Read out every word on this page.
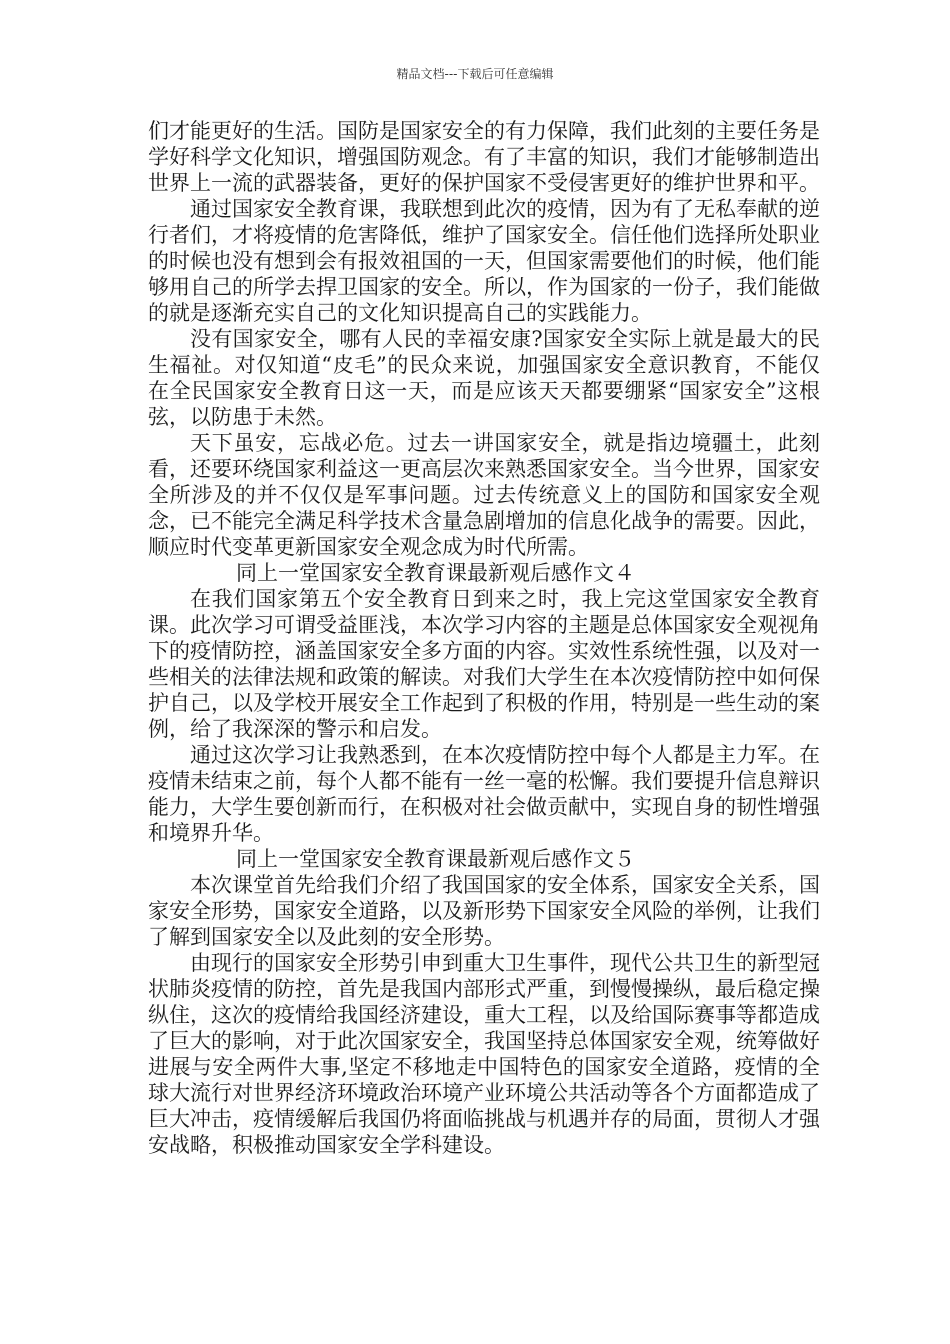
精品文档---下载后可任意编辑

们才能更好的生活。国防是国家安全的有力保障，我们此刻的主要任务是学好科学文化知识，增强国防观念。有了丰富的知识，我们才能够制造出世界上一流的武器装备，更好的保护国家不受侵害更好的维护世界和平。

通过国家安全教育课，我联想到此次的疫情，因为有了无私奉献的逆行者们，才将疫情的危害降低，维护了国家安全。信任他们选择所处职业的时候也没有想到会有报效祖国的一天，但国家需要他们的时候，他们能够用自己的所学去捍卫国家的安全。所以，作为国家的一份子，我们能做的就是逐渐充实自己的文化知识提高自己的实践能力。

没有国家安全，哪有人民的幸福安康?国家安全实际上就是最大的民生福祉。对仅知道“皮毛”的民众来说，加强国家安全意识教育，不能仅在全民国家安全教育日这一天，而是应该天天都要绷紧“国家安全”这根弦，以防患于未然。

天下虽安，忘战必危。过去一讲国家安全，就是指边境疆土，此刻看，还要环绕国家利益这一更高层次来熟悉国家安全。当今世界，国家安全所涉及的并不仅仅是军事问题。过去传统意义上的国防和国家安全观念，已不能完全满足科学技术含量急剧增加的信息化战争的需要。因此，顺应时代变革更新国家安全观念成为时代所需。

同上一堂国家安全教育课最新观后感作文４

在我们国家第五个安全教育日到来之时，我上完这堂国家安全教育课。此次学习可谓受益匪浅，本次学习内容的主题是总体国家安全观视角下的疫情防控，涵盖国家安全多方面的内容。实效性系统性强，以及对一些相关的法律法规和政策的解读。对我们大学生在本次疫情防控中如何保护自己，以及学校开展安全工作起到了积极的作用，特别是一些生动的案例，给了我深深的警示和启发。

通过这次学习让我熟悉到，在本次疫情防控中每个人都是主力军。在疫情未结束之前，每个人都不能有一丝一毫的松懈。我们要提升信息辩识能力，大学生要创新而行，在积极对社会做贡献中，实现自身的韧性增强和境界升华。

同上一堂国家安全教育课最新观后感作文５

本次课堂首先给我们介绍了我国国家的安全体系，国家安全关系，国家安全形势，国家安全道路，以及新形势下国家安全风险的举例，让我们了解到国家安全以及此刻的安全形势。

由现行的国家安全形势引申到重大卫生事件，现代公共卫生的新型冠状肺炎疫情的防控，首先是我国内部形式严重，到慢慢操纵，最后稳定操纵住，这次的疫情给我国经济建设，重大工程，以及给国际赛事等都造成了巨大的影响，对于此次国家安全，我国坚持总体国家安全观，统筹做好进展与安全两件大事,坚定不移地走中国特色的国家安全道路，疫情的全球大流行对世界经济环境政治环境产业环境公共活动等各个方面都造成了巨大冲击，疫情缓解后我国仍将面临挑战与机遇并存的局面，贯彻人才强安战略，积极推动国家安全学科建设。
